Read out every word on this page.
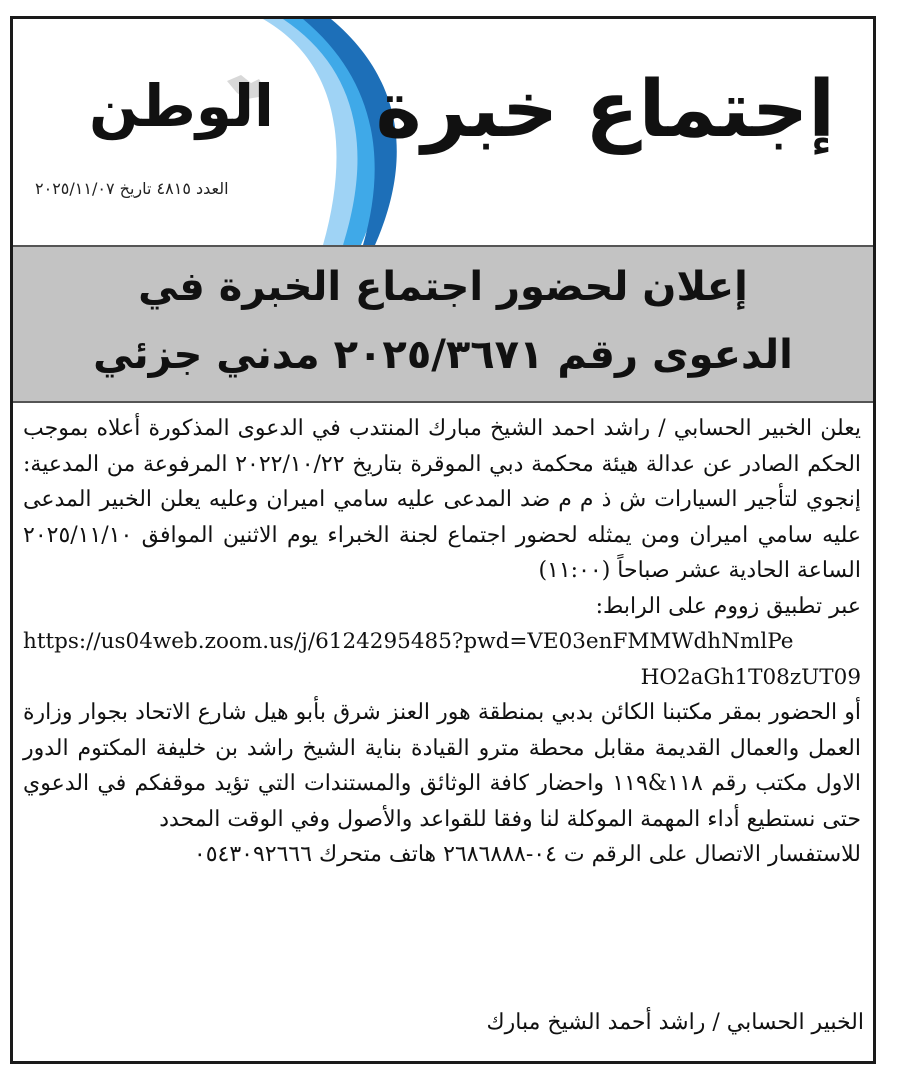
الوطن
العدد ٤٨١٥ تاريخ ٢٠٢٥/١١/٠٧
إجتماع خبرة
إعلان لحضور اجتماع الخبرة في
الدعوى رقم ٢٠٢٥/٣٦٧١ مدني جزئي

يعلن الخبير الحسابي / راشد احمد الشيخ مبارك المنتدب في الدعوى المذكورة أعلاه بموجب الحكم الصادر عن عدالة هيئة محكمة دبي الموقرة بتاريخ ٢٠٢٢/١٠/٢٢ المرفوعة من المدعية: إنجوي لتأجير السيارات ش ذ م م ضد المدعى عليه سامي اميران وعليه يعلن الخبير المدعى عليه سامي اميران ومن يمثله لحضور اجتماع لجنة الخبراء يوم الاثنين الموافق ٢٠٢٥/١١/١٠ الساعة الحادية عشر صباحاً (١١:٠٠)

عبر تطبيق زووم على الرابط:

https://us04web.zoom.us/j/6124295485?pwd=VE03enFMMWdhNmlPe

HO2aGh1T08zUT09

أو الحضور بمقر مكتبنا الكائن بدبي بمنطقة هور العنز شرق بأبو هيل شارع الاتحاد بجوار وزارة العمل والعمال القديمة مقابل محطة مترو القيادة بناية الشيخ راشد بن خليفة المكتوم الدور الاول مكتب رقم ١١٨&١١٩ واحضار كافة الوثائق والمستندات التي تؤيد موقفكم في الدعوي حتى نستطيع أداء المهمة الموكلة لنا وفقا للقواعد والأصول وفي الوقت المحدد

للاستفسار الاتصال على الرقم ت ٠٤-٢٦٨٦٨٨٨ هاتف متحرك ٠٥٤٣٠٩٢٦٦٦

الخبير الحسابي / راشد أحمد الشيخ مبارك
